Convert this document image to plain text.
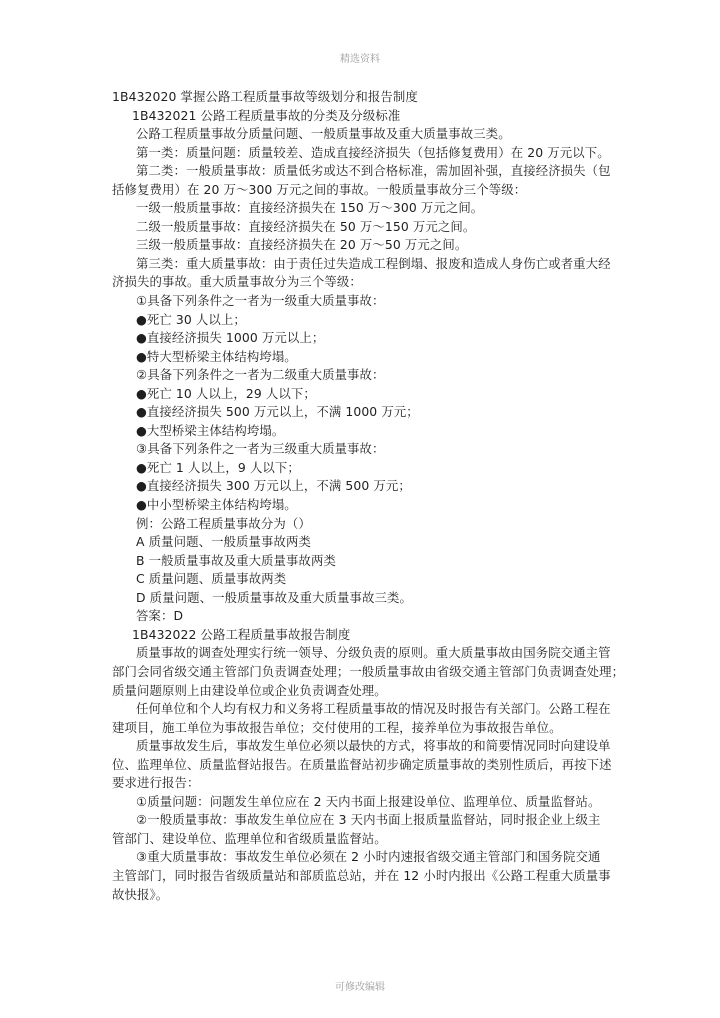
精选资料
1B432020 掌握公路工程质量事故等级划分和报告制度
1B432021 公路工程质量事故的分类及分级标准
公路工程质量事故分质量问题、一般质量事故及重大质量事故三类。
第一类：质量问题：质量较差、造成直接经济损失（包括修复费用）在 20 万元以下。
第二类：一般质量事故：质量低劣或达不到合格标准，需加固补强，直接经济损失（包
括修复费用）在 20 万～300 万元之间的事故。一般质量事故分三个等级：
一级一般质量事故：直接经济损失在 150 万～300 万元之间。
二级一般质量事故：直接经济损失在 50 万～150 万元之间。
三级一般质量事故：直接经济损失在 20 万～50 万元之间。
第三类：重大质量事故：由于责任过失造成工程倒塌、报废和造成人身伤亡或者重大经
济损失的事故。重大质量事故分为三个等级：
①具备下列条件之一者为一级重大质量事故：
●死亡 30 人以上；
●直接经济损失 1000 万元以上；
●特大型桥梁主体结构垮塌。
②具备下列条件之一者为二级重大质量事故：
●死亡 10 人以上，29 人以下；
●直接经济损失 500 万元以上，不满 1000 万元；
●大型桥梁主体结构垮塌。
③具备下列条件之一者为三级重大质量事故：
●死亡 1 人以上，9 人以下；
●直接经济损失 300 万元以上，不满 500 万元；
●中小型桥梁主体结构垮塌。
例：公路工程质量事故分为（）
A 质量问题、一般质量事故两类
B 一般质量事故及重大质量事故两类
C 质量问题、质量事故两类
D 质量问题、一般质量事故及重大质量事故三类。
答案：D
1B432022 公路工程质量事故报告制度
质量事故的调查处理实行统一领导、分级负责的原则。重大质量事故由国务院交通主管
部门会同省级交通主管部门负责调查处理；一般质量事故由省级交通主管部门负责调查处理；
质量问题原则上由建设单位或企业负责调查处理。
任何单位和个人均有权力和义务将工程质量事故的情况及时报告有关部门。公路工程在
建项目，施工单位为事故报告单位；交付使用的工程，接养单位为事故报告单位。
质量事故发生后，事故发生单位必须以最快的方式，将事故的和简要情况同时向建设单
位、监理单位、质量监督站报告。在质量监督站初步确定质量事故的类别性质后，再按下述
要求进行报告：
①质量问题：问题发生单位应在 2 天内书面上报建设单位、监理单位、质量监督站。
②一般质量事故：事故发生单位应在 3 天内书面上报质量监督站，同时报企业上级主
管部门、建设单位、监理单位和省级质量监督站。
③重大质量事故：事故发生单位必须在 2 小时内速报省级交通主管部门和国务院交通
主管部门，同时报告省级质量站和部质监总站，并在 12 小时内报出《公路工程重大质量事
故快报》。
可修改编辑
